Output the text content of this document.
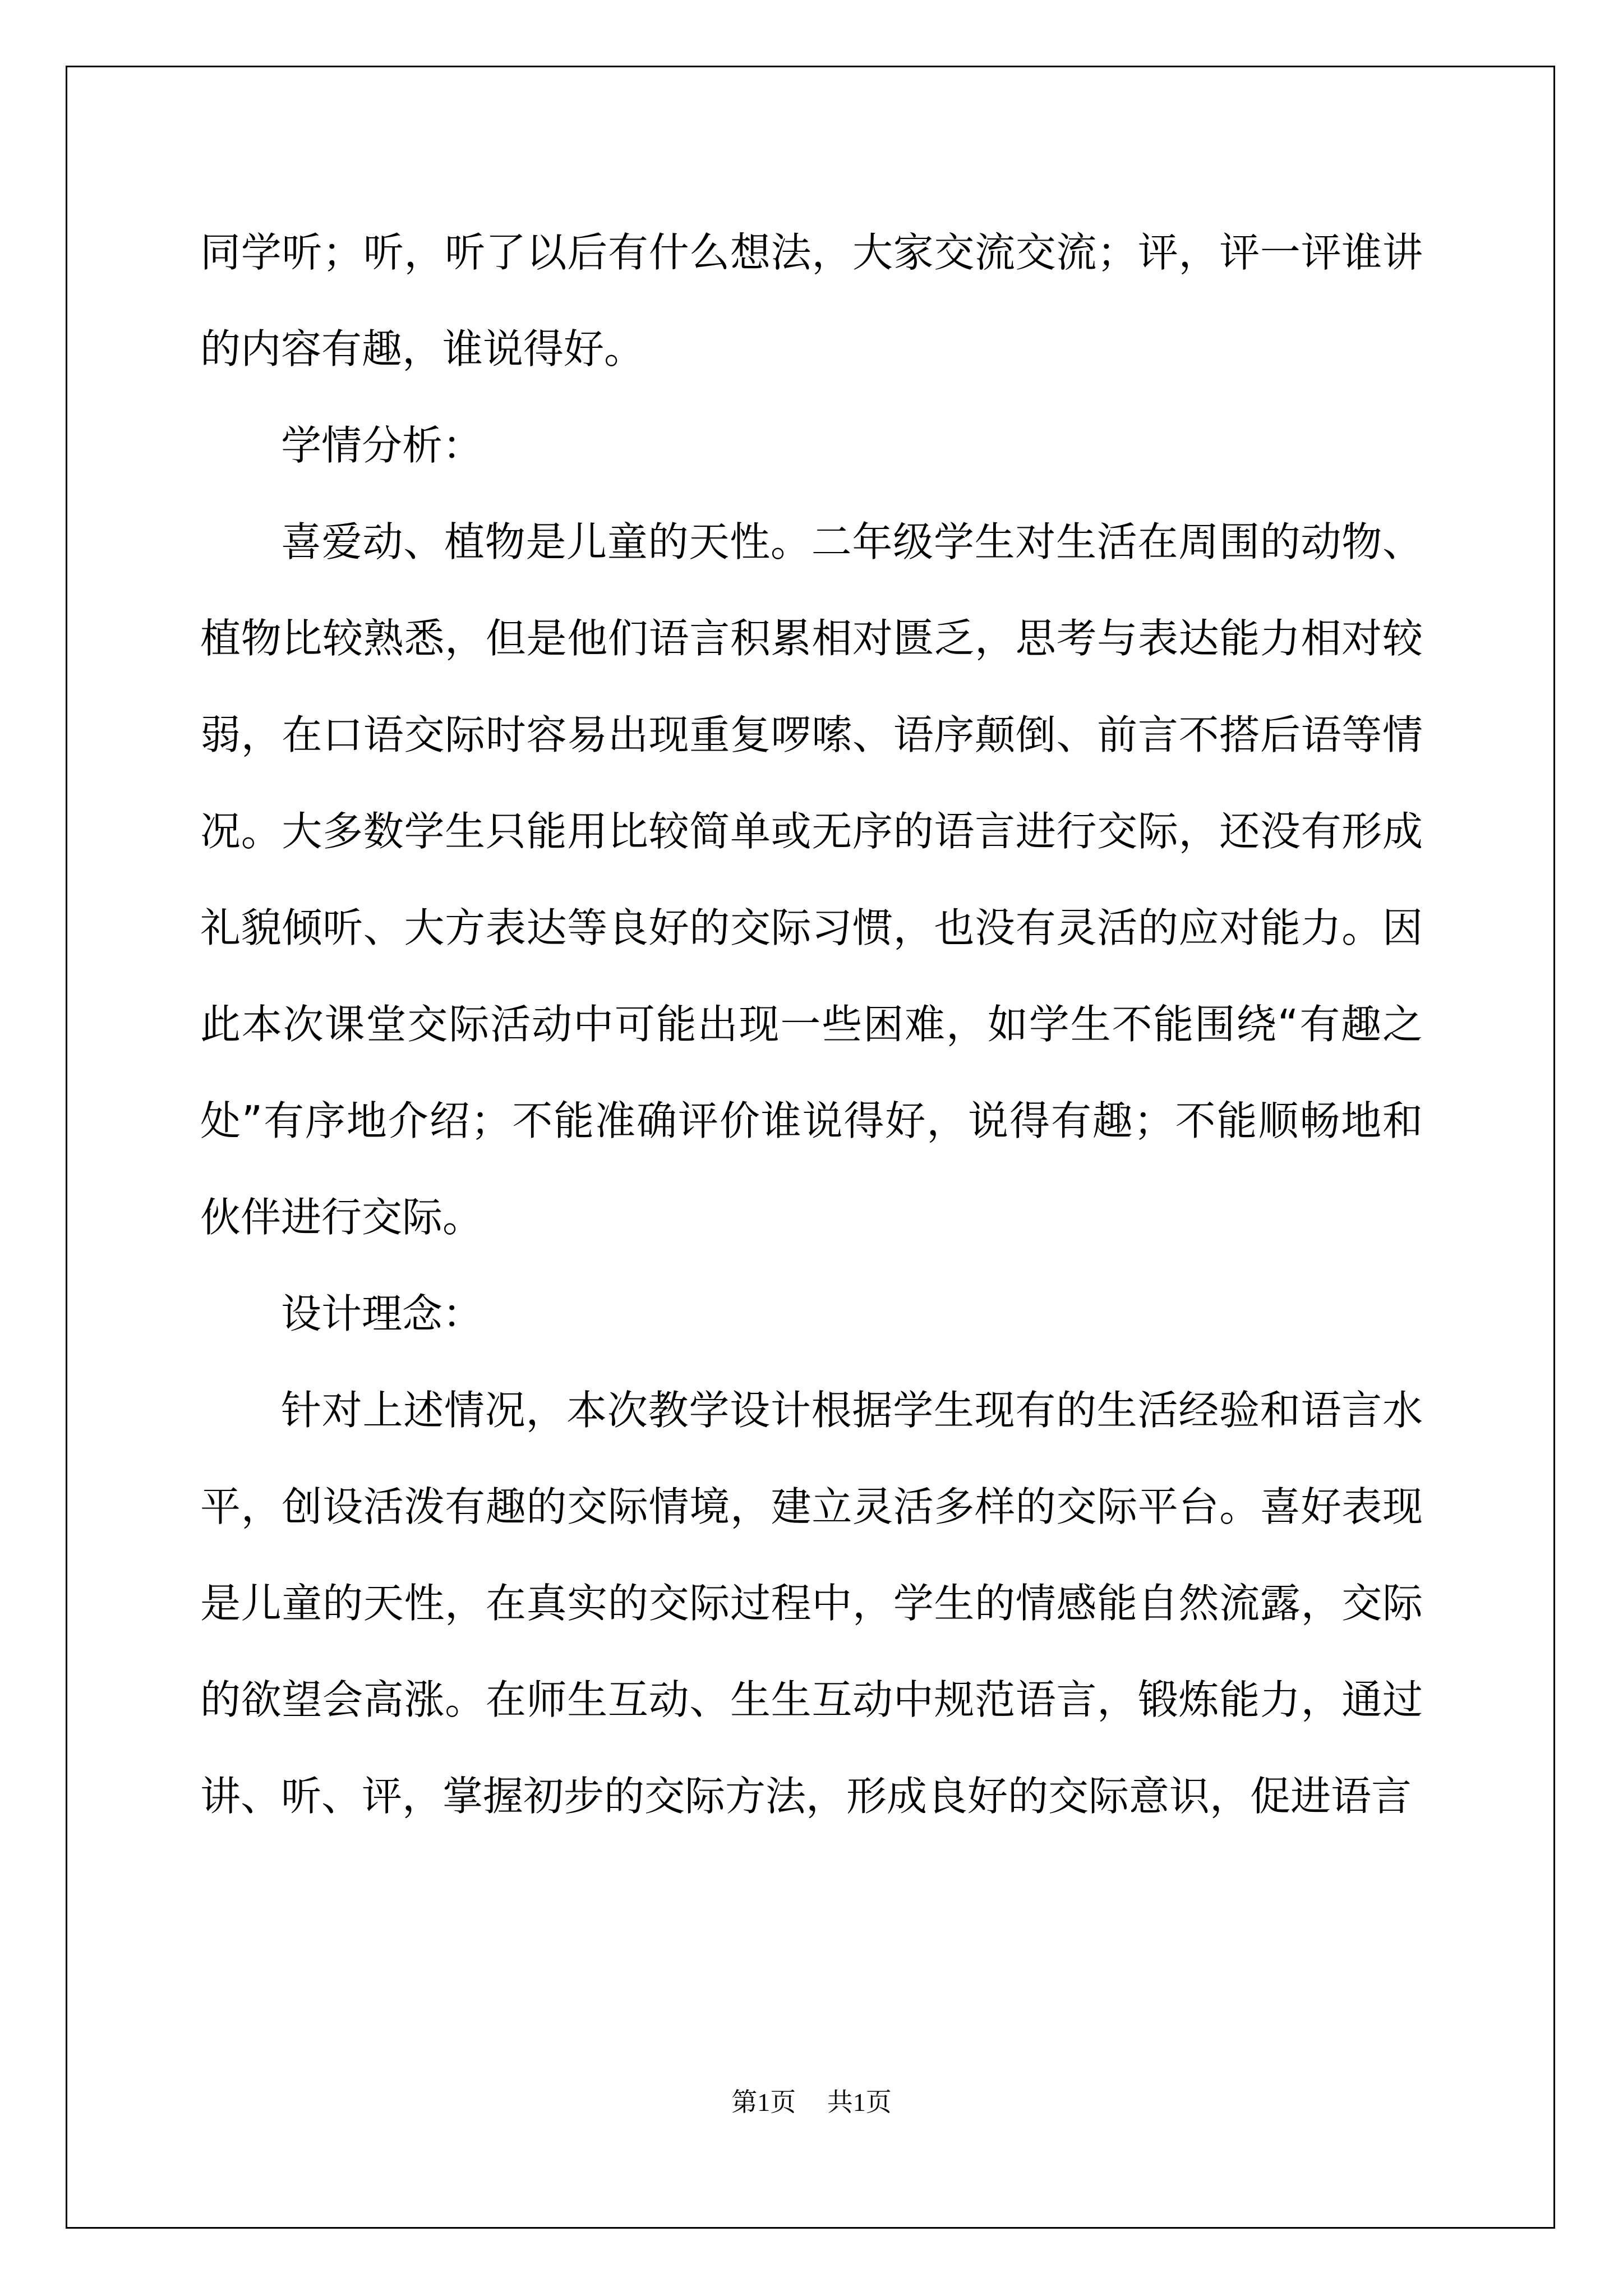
同学听；听，听了以后有什么想法，大家交流交流；评，评一评谁讲的内容有趣，谁说得好。

学情分析：

喜爱动、植物是儿童的天性。二年级学生对生活在周围的动物、植物比较熟悉，但是他们语言积累相对匮乏，思考与表达能力相对较弱，在口语交际时容易出现重复啰嗦、语序颠倒、前言不搭后语等情况。大多数学生只能用比较简单或无序的语言进行交际，还没有形成礼貌倾听、大方表达等良好的交际习惯，也没有灵活的应对能力。因此本次课堂交际活动中可能出现一些困难，如学生不能围绕“有趣之处”有序地介绍；不能准确评价谁说得好，说得有趣；不能顺畅地和伙伴进行交际。

设计理念：

针对上述情况，本次教学设计根据学生现有的生活经验和语言水平，创设活泼有趣的交际情境，建立灵活多样的交际平台。喜好表现是儿童的天性，在真实的交际过程中，学生的情感能自然流露，交际的欲望会高涨。在师生互动、生生互动中规范语言，锻炼能力，通过讲、听、评，掌握初步的交际方法，形成良好的交际意识，促进语言

第1页 共1页
